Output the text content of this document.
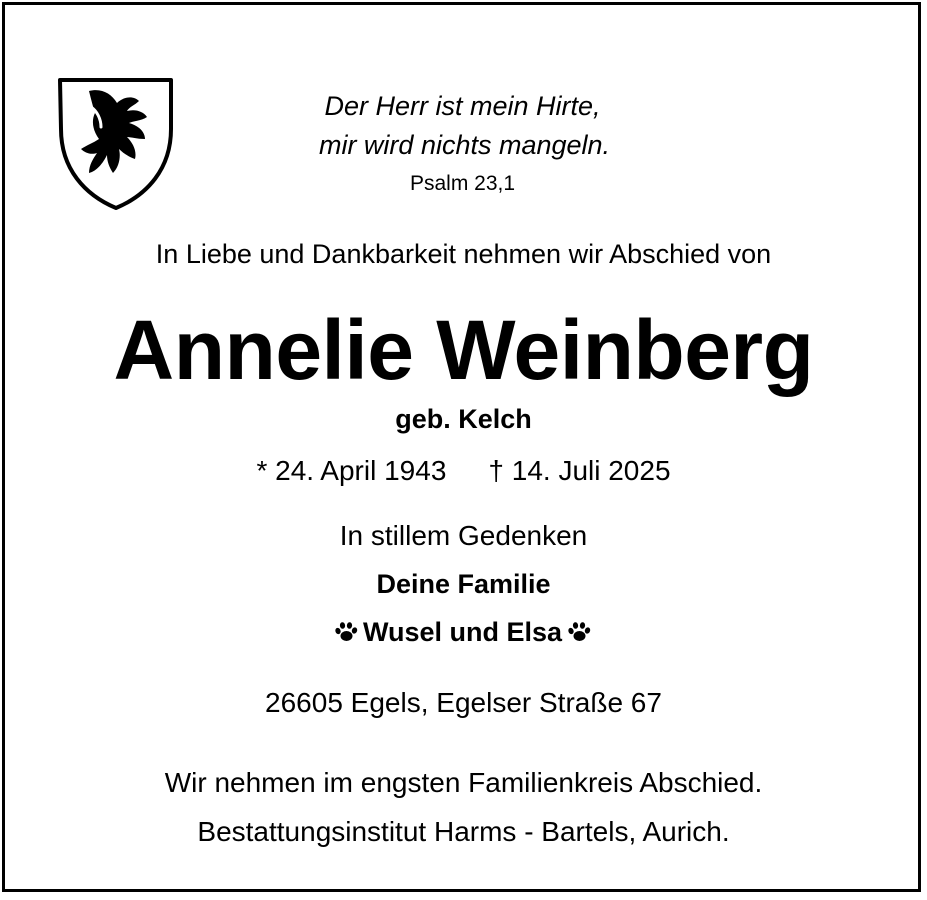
Der Herr ist mein Hirte,
mir wird nichts mangeln.
Psalm 23,1
In Liebe und Dankbarkeit nehmen wir Abschied von
Annelie Weinberg
geb. Kelch
* 24. April 1943 † 14. Juli 2025
In stillem Gedenken
Deine Familie
Wusel und Elsa
26605 Egels, Egelser Straße 67
Wir nehmen im engsten Familienkreis Abschied.
Bestattungsinstitut Harms - Bartels, Aurich.
